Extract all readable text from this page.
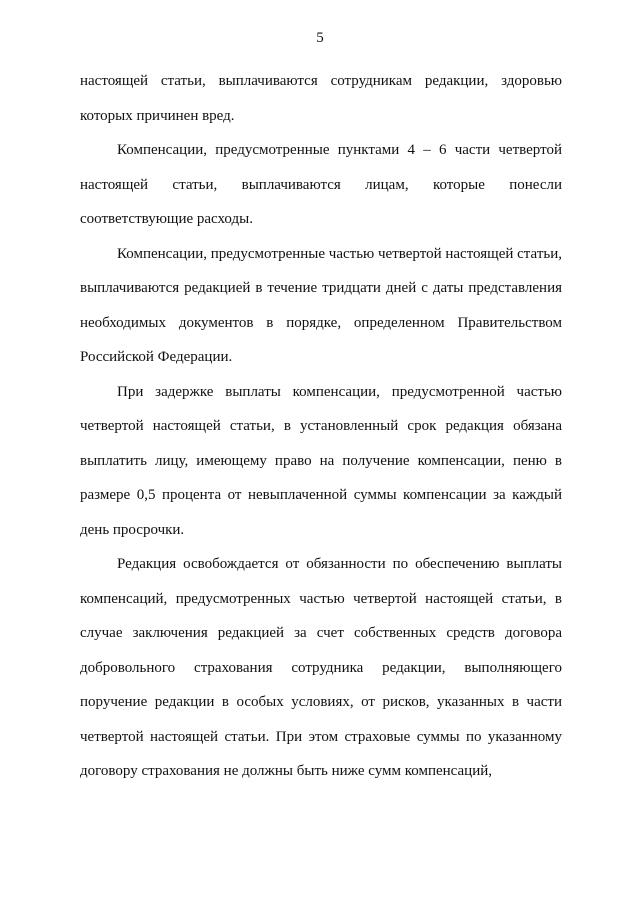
5

настоящей статьи, выплачиваются сотрудникам редакции, здоровью которых причинен вред.

Компенсации, предусмотренные пунктами 4 – 6 части четвертой настоящей статьи, выплачиваются лицам, которые понесли соответствующие расходы.

Компенсации, предусмотренные частью четвертой настоящей статьи, выплачиваются редакцией в течение тридцати дней с даты представления необходимых документов в порядке, определенном Правительством Российской Федерации.

При задержке выплаты компенсации, предусмотренной частью четвертой настоящей статьи, в установленный срок редакция обязана выплатить лицу, имеющему право на получение компенсации, пеню в размере 0,5 процента от невыплаченной суммы компенсации за каждый день просрочки.

Редакция освобождается от обязанности по обеспечению выплаты компенсаций, предусмотренных частью четвертой настоящей статьи, в случае заключения редакцией за счет собственных средств договора добровольного страхования сотрудника редакции, выполняющего поручение редакции в особых условиях, от рисков, указанных в части четвертой настоящей статьи. При этом страховые суммы по указанному договору страхования не должны быть ниже сумм компенсаций,
